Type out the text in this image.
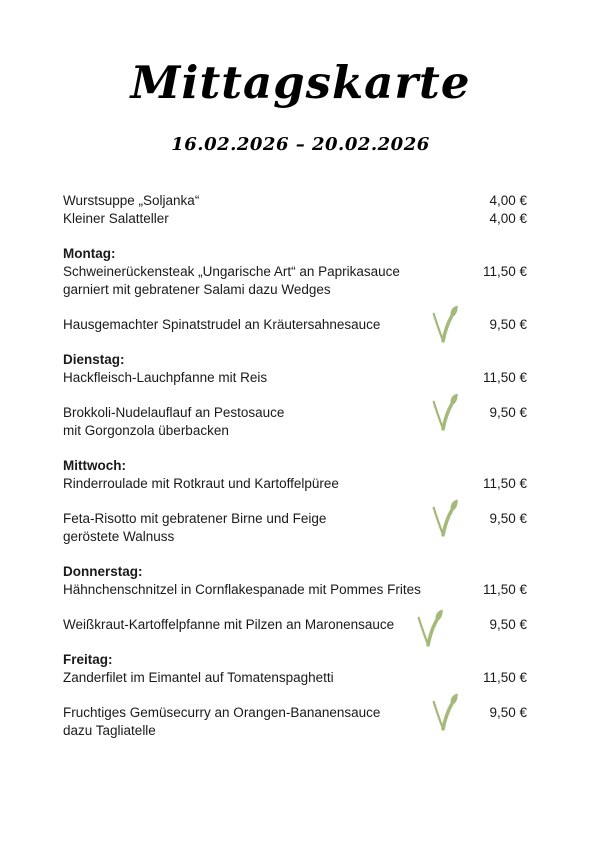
Mittagskarte
16.02.2026 – 20.02.2026
Wurstsuppe „Soljanka“	4,00 €
Kleiner Salatteller	4,00 €
Montag:
Schweinerückensteak „Ungarische Art“ an Paprikasauce	11,50 €
garniert mit gebratener Salami dazu Wedges
Hausgemachter Spinatstrudel an Kräutersahnesauce	9,50 €
Dienstag:
Hackfleisch-Lauchpfanne mit Reis	11,50 €
Brokkoli-Nudelauflauf an Pestosauce	9,50 €
mit Gorgonzola überbacken
Mittwoch:
Rinderroulade mit Rotkraut und Kartoffelpüree	11,50 €
Feta-Risotto mit gebratener Birne und Feige	9,50 €
geröstete Walnuss
Donnerstag:
Hähnchenschnitzel in Cornflakespanade mit Pommes Frites	11,50 €
Weißkraut-Kartoffelpfanne mit Pilzen an Maronensauce	9,50 €
Freitag:
Zanderfilet im Eimantel auf Tomatenspaghetti	11,50 €
Fruchtiges Gemüsecurry an Orangen-Bananensauce	9,50 €
dazu Tagliatelle
